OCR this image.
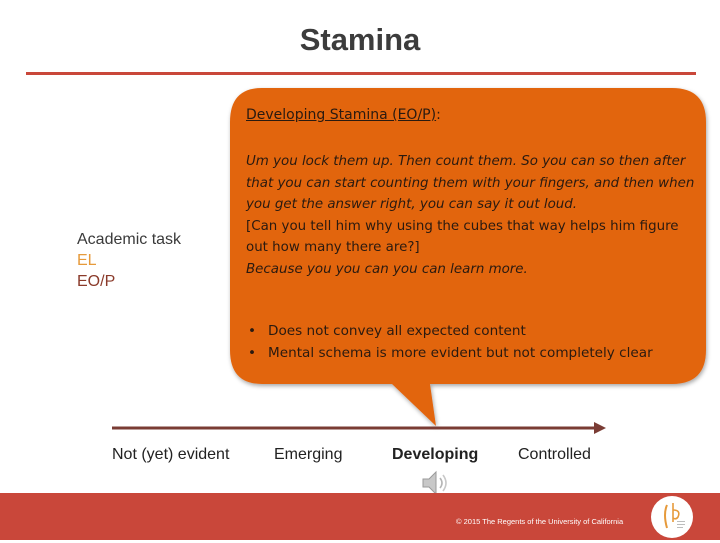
Stamina
Academic task
EL
EO/P
Developing Stamina (EO/P):
Um you lock them up. Then count them. So you can so then after that you can start counting them with your fingers, and then when you get the answer right, you can say it out loud.
[Can you tell him why using the cubes that way helps him figure out how many there are?]
Because you you can you can learn more.
• Does not convey all expected content
• Mental schema is more evident but not completely clear
Not (yet) evident	Emerging	Developing Controlled
© 2015 The Regents of the University of California
